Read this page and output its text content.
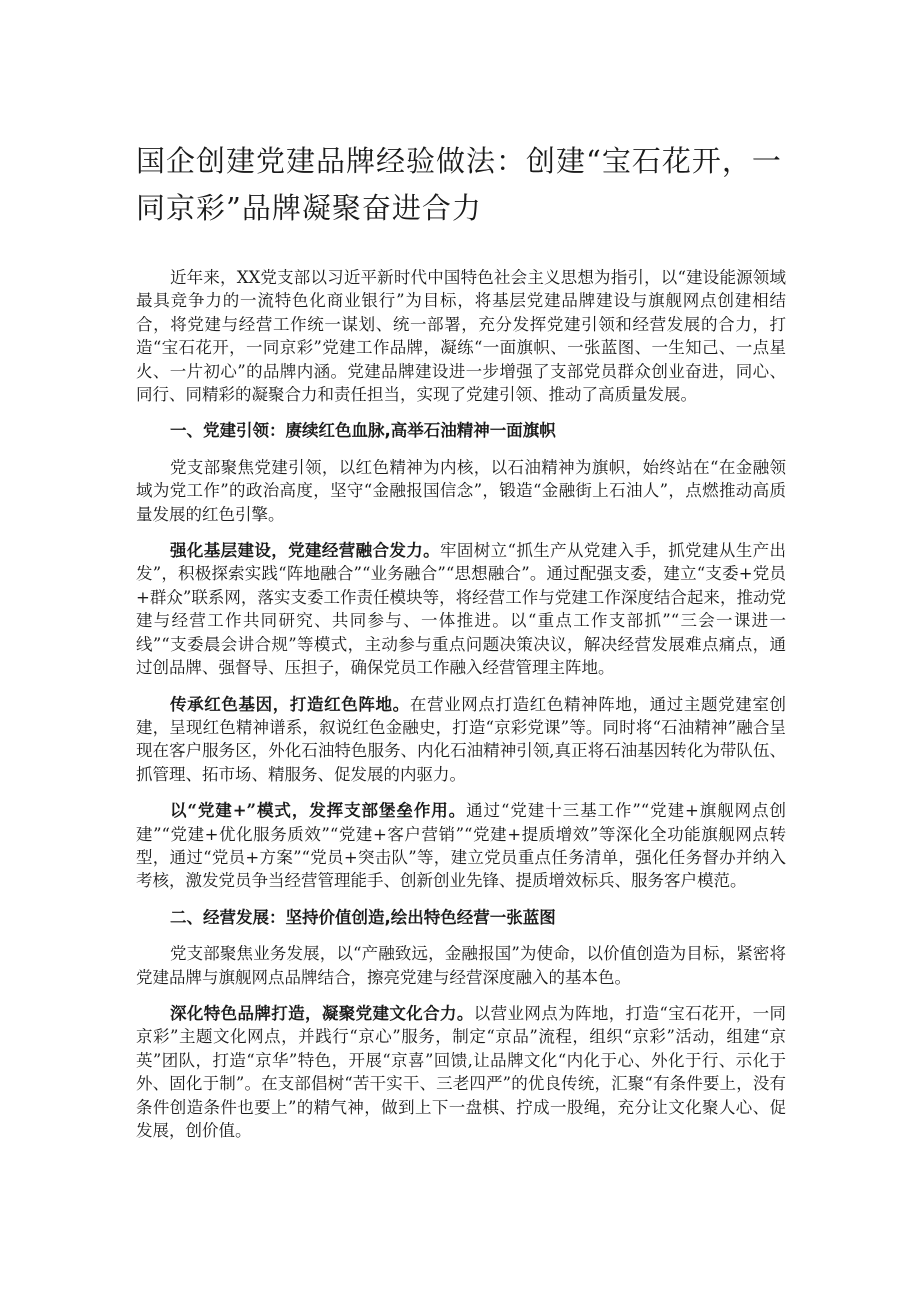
国企创建党建品牌经验做法：创建“宝石花开，一同京彩”品牌凝聚奋进合力

近年来，XX党支部以习近平新时代中国特色社会主义思想为指引，以“建设能源领域最具竞争力的一流特色化商业银行”为目标，将基层党建品牌建设与旗舰网点创建相结合，将党建与经营工作统一谋划、统一部署，充分发挥党建引领和经营发展的合力，打造“宝石花开，一同京彩”党建工作品牌，凝练“一面旗帜、一张蓝图、一生知己、一点星火、一片初心”的品牌内涵。党建品牌建设进一步增强了支部党员群众创业奋进，同心、同行、同精彩的凝聚合力和责任担当，实现了党建引领、推动了高质量发展。

一、党建引领：赓续红色血脉,高举石油精神一面旗帜

党支部聚焦党建引领，以红色精神为内核，以石油精神为旗帜，始终站在“在金融领域为党工作”的政治高度，坚守“金融报国信念”，锻造“金融街上石油人”，点燃推动高质量发展的红色引擎。

强化基层建设，党建经营融合发力。牢固树立“抓生产从党建入手，抓党建从生产出发”，积极探索实践“阵地融合”“业务融合”“思想融合”。通过配强支委，建立“支委+党员+群众”联系网，落实支委工作责任模块等，将经营工作与党建工作深度结合起来，推动党建与经营工作共同研究、共同参与、一体推进。以“重点工作支部抓”“三会一课进一线”“支委晨会讲合规”等模式，主动参与重点问题决策决议，解决经营发展难点痛点，通过创品牌、强督导、压担子，确保党员工作融入经营管理主阵地。

传承红色基因，打造红色阵地。在营业网点打造红色精神阵地，通过主题党建室创建，呈现红色精神谱系，叙说红色金融史，打造“京彩党课”等。同时将“石油精神”融合呈现在客户服务区，外化石油特色服务、内化石油精神引领,真正将石油基因转化为带队伍、抓管理、拓市场、精服务、促发展的内驱力。

以“党建+”模式，发挥支部堡垒作用。通过“党建十三基工作”“党建+旗舰网点创建”“党建+优化服务质效”“党建+客户营销”“党建+提质增效”等深化全功能旗舰网点转型，通过“党员+方案”“党员+突击队”等，建立党员重点任务清单，强化任务督办并纳入考核，激发党员争当经营管理能手、创新创业先锋、提质增效标兵、服务客户模范。

二、经营发展：坚持价值创造,绘出特色经营一张蓝图

党支部聚焦业务发展，以“产融致远，金融报国”为使命，以价值创造为目标，紧密将党建品牌与旗舰网点品牌结合，擦亮党建与经营深度融入的基本色。

深化特色品牌打造，凝聚党建文化合力。以营业网点为阵地，打造“宝石花开，一同京彩”主题文化网点，并践行“京心”服务，制定“京品”流程，组织“京彩”活动，组建“京英”团队，打造“京华”特色，开展“京喜”回馈,让品牌文化“内化于心、外化于行、示化于外、固化于制”。在支部倡树“苦干实干、三老四严”的优良传统，汇聚“有条件要上，没有条件创造条件也要上”的精气神，做到上下一盘棋、拧成一股绳，充分让文化聚人心、促发展，创价值。
